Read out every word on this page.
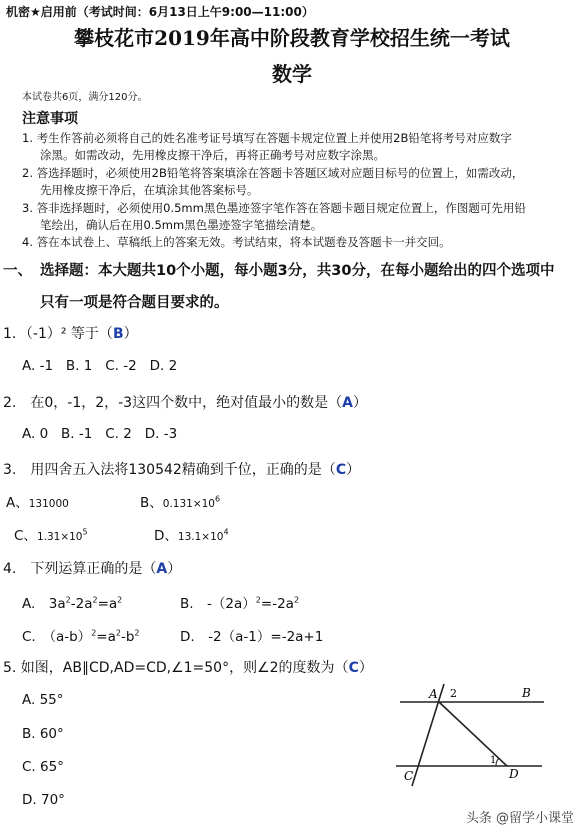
机密★启用前（考试时间：6月13日上午9:00—11:00）
攀枝花市2019年高中阶段教育学校招生统一考试
数学
本试卷共6页，满分120分。
注意事项
1. 考生作答前必须将自己的姓名准考证号填写在答题卡规定位置上并使用2B铅笔将考号对应数字
涂黑。如需改动，先用橡皮擦干净后，再将正确考号对应数字涂黑。
2. 答选择题时，必须使用2B铅笔将答案填涂在答题卡答题区域对应题目标号的位置上，如需改动，
先用橡皮擦干净后，在填涂其他答案标号。
3. 答非选择题时，必须使用0.5mm黑色墨迹签字笔作答在答题卡题目规定位置上，作图题可先用铅
笔绘出，确认后在用0.5mm黑色墨迹签字笔描绘清楚。
4. 答在本试卷上、草稿纸上的答案无效。考试结束，将本试题卷及答题卡一并交回。
一、 选择题：本大题共10个小题，每小题3分，共30分，在每小题给出的四个选项中
只有一项是符合题目要求的。
1．（-1）² 等于（B）
A. -1 B. 1 C. -2 D. 2
2.　在0，-1，2，-3这四个数中，绝对值最小的数是（A）
A. 0 B. -1 C. 2 D. -3
3.　用四舍五入法将130542精确到千位，正确的是（C）
A、131000	B、$0.131\times 10^6$
C、$1.31\times 10^5$	D、$13.1\times 10^4$
4.　下列运算正确的是（A）
A.　$3a^2-2a^2=a^2$	B.　$-(2a)^2=-2a^2$
C.　$(a-b)^2=a^2-b^2$	D.　-2（a-1）=-2a+1
5. 如图，AB∥CD,AD=CD,∠1=50°，则∠2的度数为（C）
A. 55°
B. 60°
C. 65°
D. 70°
A 2	B
C
1
D
头条 @留学小课堂
